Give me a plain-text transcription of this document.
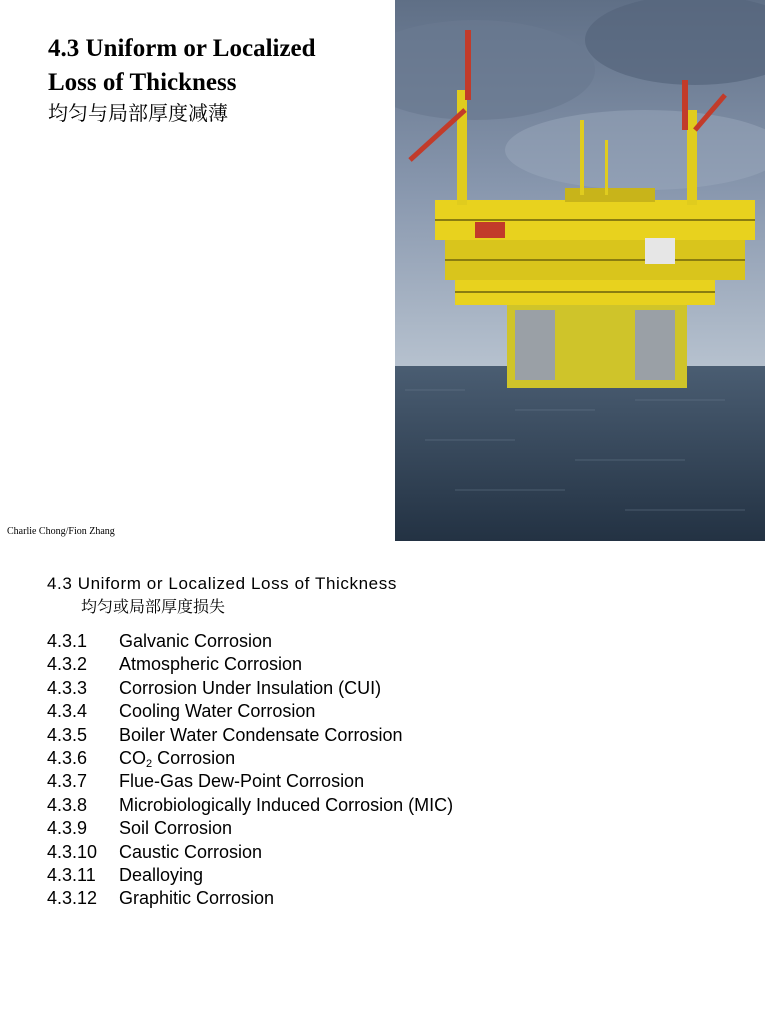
4.3 Uniform or Localized
Loss of Thickness
均匀与局部厚度减薄
Charlie Chong/Fion Zhang
4.3 Uniform or Localized Loss of Thickness
均匀或局部厚度损失
4.3.1	Galvanic Corrosion
4.3.2	Atmospheric Corrosion
4.3.3	Corrosion Under Insulation (CUI)
4.3.4	Cooling Water Corrosion
4.3.5	Boiler Water Condensate Corrosion
4.3.6	$CO_2$ Corrosion
4.3.7	Flue-Gas Dew-Point Corrosion
4.3.8	Microbiologically Induced Corrosion (MIC)
4.3.9	Soil Corrosion
4.3.10	Caustic Corrosion
4.3.11	Dealloying
4.3.12	Graphitic Corrosion
